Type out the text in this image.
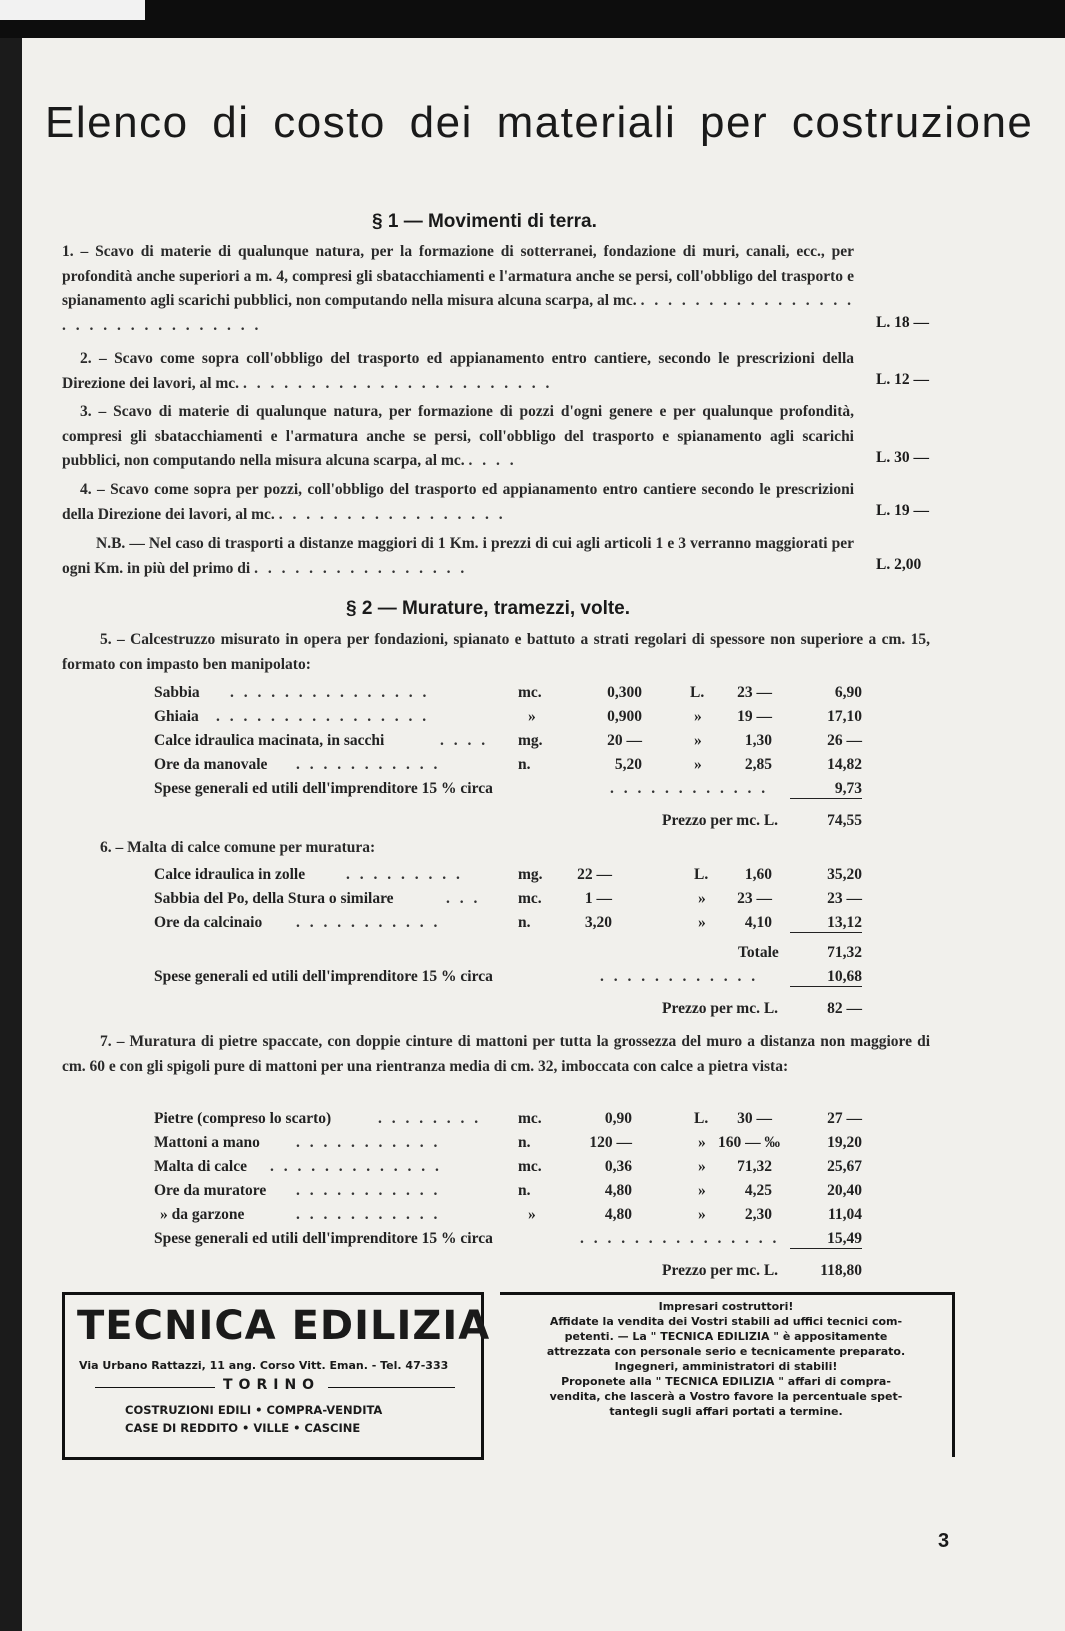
Elenco di costo dei materiali per costruzione
§ 1 — Movimenti di terra.
1. – Scavo di materie di qualunque natura, per la formazione di sotterranei, fondazione di muri, canali, ecc., per profondità anche superiori a m. 4, compresi gli sbatacchiamenti e l'armatura anche se persi, coll'obbligo del trasporto e spianamento agli scarichi pubblici, non computando nella misura alcuna scarpa, al mc. . . . . . . . . . . . . . . . . . . . . . . . . . . . . . . .	L. 18 —
2. – Scavo come sopra coll'obbligo del trasporto ed appianamento entro cantiere, secondo le prescrizioni della Direzione dei lavori, al mc. . . . . . . . . . . . . . . . . . . . . . . .	L. 12 —
3. – Scavo di materie di qualunque natura, per formazione di pozzi d'ogni genere e per qualunque profondità, compresi gli sbatacchiamenti e l'armatura anche se persi, coll'obbligo del trasporto e spianamento agli scarichi pubblici, non computando nella misura alcuna scarpa, al mc. . . . .	L. 30 —
4. – Scavo come sopra per pozzi, coll'obbligo del trasporto ed appianamento entro cantiere secondo le prescrizioni della Direzione dei lavori, al mc. . . . . . . . . . . . . . . . . .	L. 19 —
N.B. — Nel caso di trasporti a distanze maggiori di 1 Km. i prezzi di cui agli articoli 1 e 3 verranno maggiorati per ogni Km. in più del primo di . . . . . . . . . . . . . . . .	L. 2,00
§ 2 — Murature, tramezzi, volte.
5. – Calcestruzzo misurato in opera per fondazioni, spianato e battuto a strati regolari di spessore non superiore a cm. 15, formato con impasto ben manipolato:
Sabbia . . . . . . . . . . . . . . .	mc.	0,300	L.	23 —	6,90
Ghiaia . . . . . . . . . . . . . . . .	»	0,900	»	19 —	17,10
Calce idraulica macinata, in sacchi	. . . . mg.	20 —	»	1,30	26 —
Ore da manovale . . . . . . . . . . .	n.	5,20	»	2,85	14,82
Spese generali ed utili dell'imprenditore 15 % circa	. . . . . . . . . . . .	9,73
Prezzo per mc. L.	74,55
6. – Malta di calce comune per muratura:
Calce idraulica in zolle	. . . . . . . . .	mg.	22 —	L.	1,60	35,20
Sabbia del Po, della Stura o similare	. . . mc.	1 —	»	23 —	23 —
Ore da calcinaio . . . . . . . . . . .	n.	3,20	»	4,10	13,12
Totale	71,32
Spese generali ed utili dell'imprenditore 15 % circa	. . . . . . . . . . . .	10,68
Prezzo per mc. L.	82 —
7. – Muratura di pietre spaccate, con doppie cinture di mattoni per tutta la grossezza del muro a distanza non maggiore di cm. 60 e con gli spigoli pure di mattoni per una rientranza media di cm. 32, imboccata con calce a pietra vista:
Pietre (compreso lo scarto)	. . . . . . . . mc.	0,90	L.	30 —	27 —
Mattoni a mano . . . . . . . . . . .	n.	120 —	» 160 — ‰	19,20
Malta di calce . . . . . . . . . . . . .	mc.	0,36	»	71,32	25,67
Ore da muratore . . . . . . . . . . .	n.	4,80	»	4,25	20,40
» da garzone	. . . . . . . . . . .	»	4,80	»	2,30	11,04
Spese generali ed utili dell'imprenditore 15 % circa	. . . . . . . . . . . . . . .	15,49
Prezzo per mc. L.	118,80
TECNICA EDILIZIA
Via Urbano Rattazzi, 11 ang. Corso Vitt. Eman. - Tel. 47-333
TORINO
COSTRUZIONI EDILI • COMPRA-VENDITA
CASE DI REDDITO • VILLE • CASCINE
Impresari costruttori!
Affidate la vendita dei Vostri stabili ad uffici tecnici com-
petenti. — La " TECNICA EDILIZIA " è appositamente
attrezzata con personale serio e tecnicamente preparato.
Ingegneri, amministratori di stabili!
Proponete alla " TECNICA EDILIZIA " affari di compra-
vendita, che lascerà a Vostro favore la percentuale spet-
tantegli sugli affari portati a termine.
3
